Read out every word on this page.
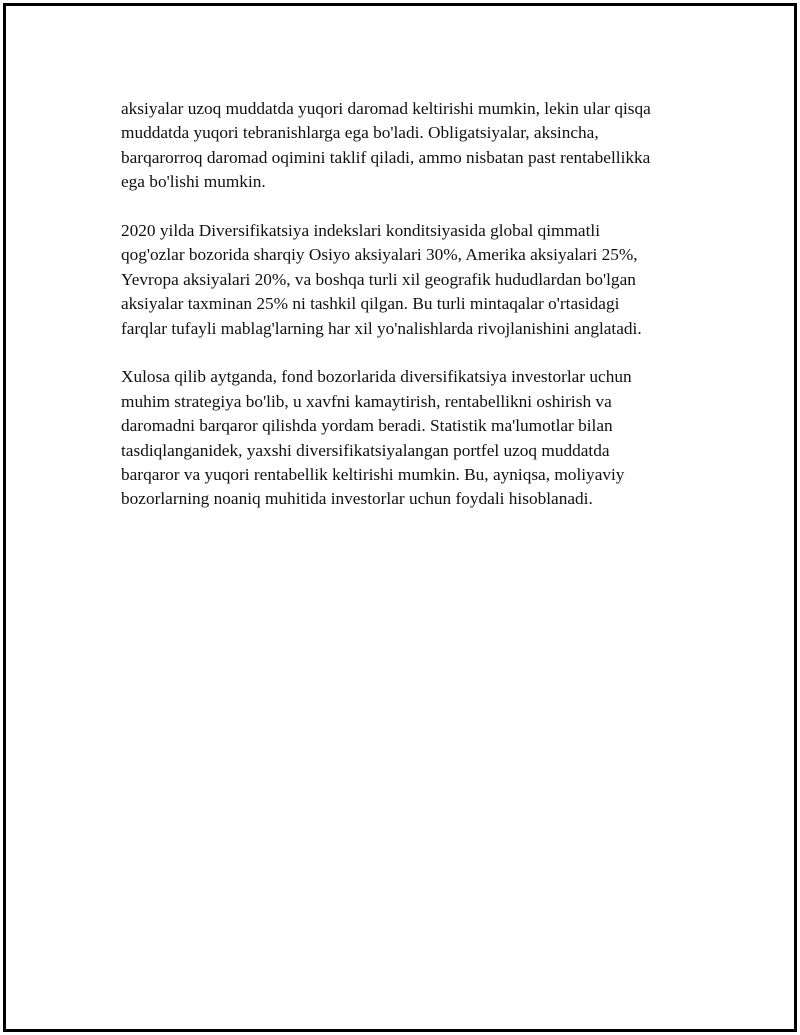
aksiyalar uzoq muddatda yuqori daromad keltirishi mumkin, lekin ular qisqa
muddatda yuqori tebranishlarga ega bo'ladi. Obligatsiyalar, aksincha,
barqarorroq daromad oqimini taklif qiladi, ammo nisbatan past rentabellikka
ega bo'lishi mumkin.

2020 yilda Diversifikatsiya indekslari konditsiyasida global qimmatli
qog'ozlar bozorida sharqiy Osiyo aksiyalari 30%, Amerika aksiyalari 25%,
Yevropa aksiyalari 20%, va boshqa turli xil geografik hududlardan bo'lgan
aksiyalar taxminan 25% ni tashkil qilgan. Bu turli mintaqalar o'rtasidagi
farqlar tufayli mablag'larning har xil yo'nalishlarda rivojlanishini anglatadi.

Xulosa qilib aytganda, fond bozorlarida diversifikatsiya investorlar uchun
muhim strategiya bo'lib, u xavfni kamaytirish, rentabellikni oshirish va
daromadni barqaror qilishda yordam beradi. Statistik ma'lumotlar bilan
tasdiqlanganidek, yaxshi diversifikatsiyalangan portfel uzoq muddatda
barqaror va yuqori rentabellik keltirishi mumkin. Bu, ayniqsa, moliyaviy
bozorlarning noaniq muhitida investorlar uchun foydali hisoblanadi.
